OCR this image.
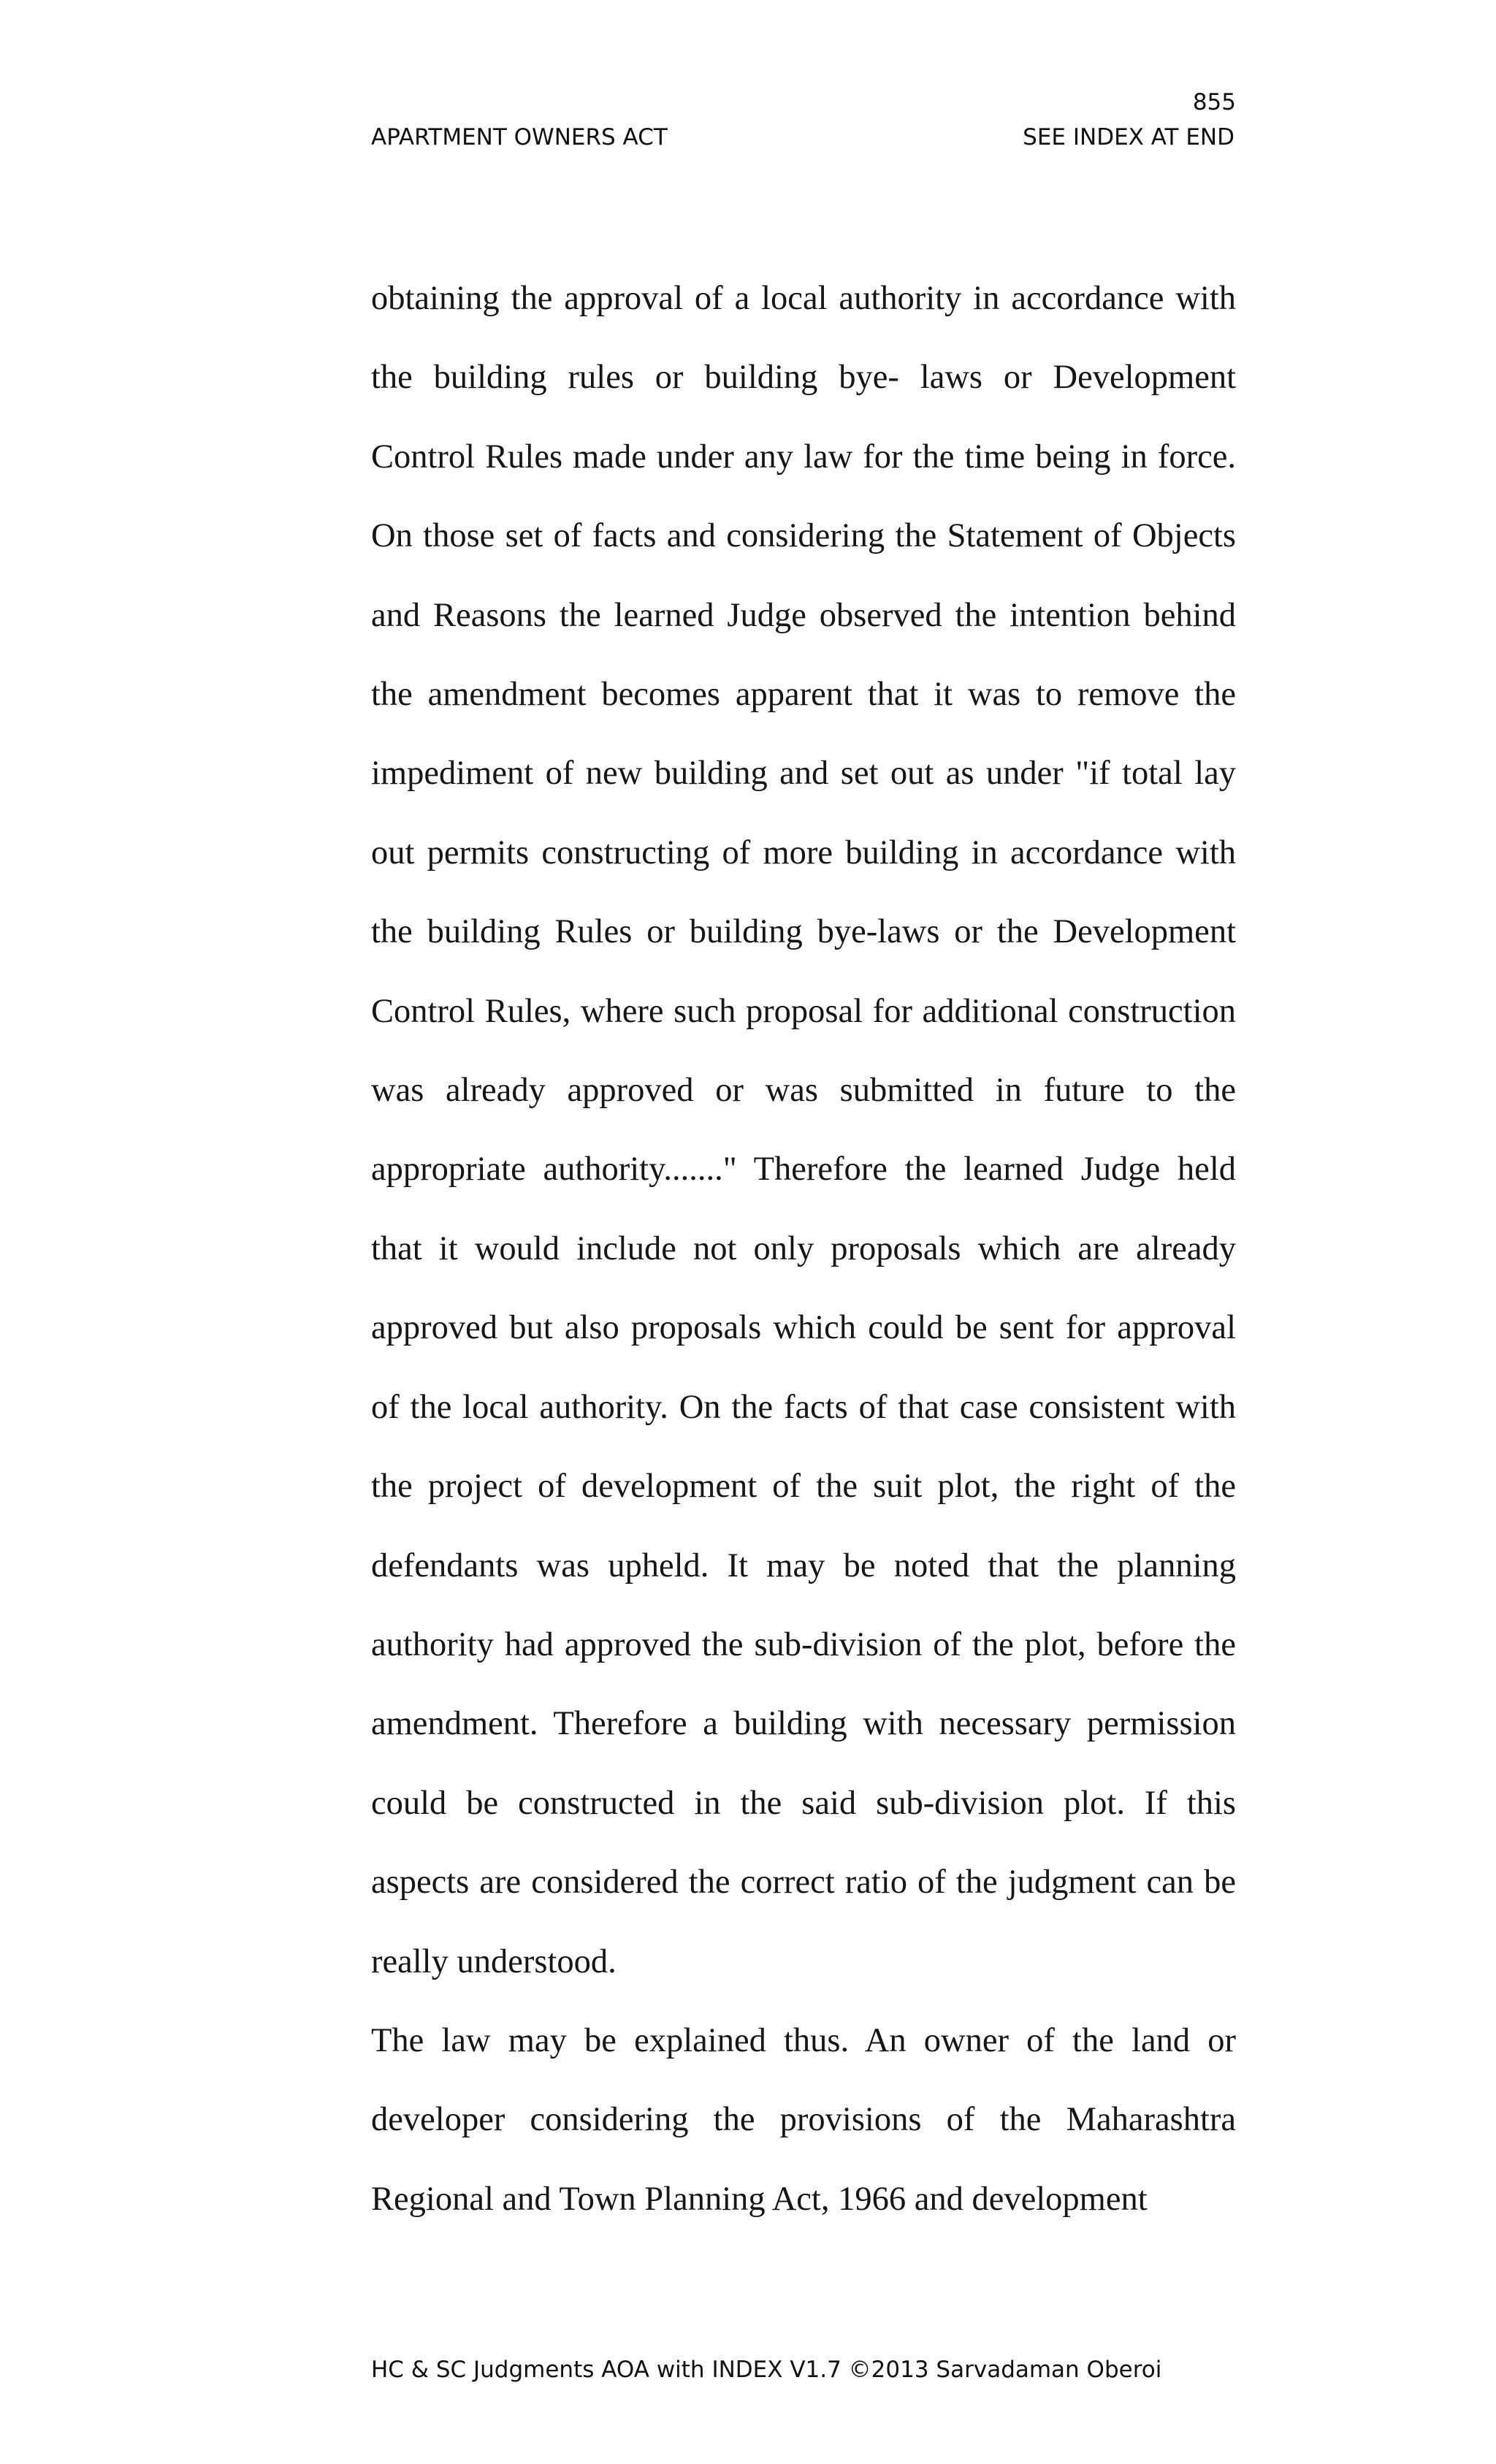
855
APARTMENT OWNERS ACT	SEE INDEX AT END

obtaining the approval of a local authority in accordance with the building rules or building bye- laws or Development Control Rules made under any law for the time being in force. On those set of facts and considering the Statement of Objects and Reasons the learned Judge observed the intention behind the amendment becomes apparent that it was to remove the impediment of new building and set out as under "if total lay out permits constructing of more building in accordance with the building Rules or building bye-laws or the Development Control Rules, where such proposal for additional construction was already approved or was submitted in future to the appropriate authority......." Therefore the learned Judge held that it would include not only proposals which are already approved but also proposals which could be sent for approval of the local authority. On the facts of that case consistent with the project of development of the suit plot, the right of the defendants was upheld. It may be noted that the planning authority had approved the sub-division of the plot, before the amendment. Therefore a building with necessary permission could be constructed in the said sub-division plot. If this aspects are considered the correct ratio of the judgment can be really understood.

The law may be explained thus. An owner of the land or developer considering the provisions of the Maharashtra Regional and Town Planning Act, 1966 and development

HC & SC Judgments AOA with INDEX V1.7 ©2013 Sarvadaman Oberoi
